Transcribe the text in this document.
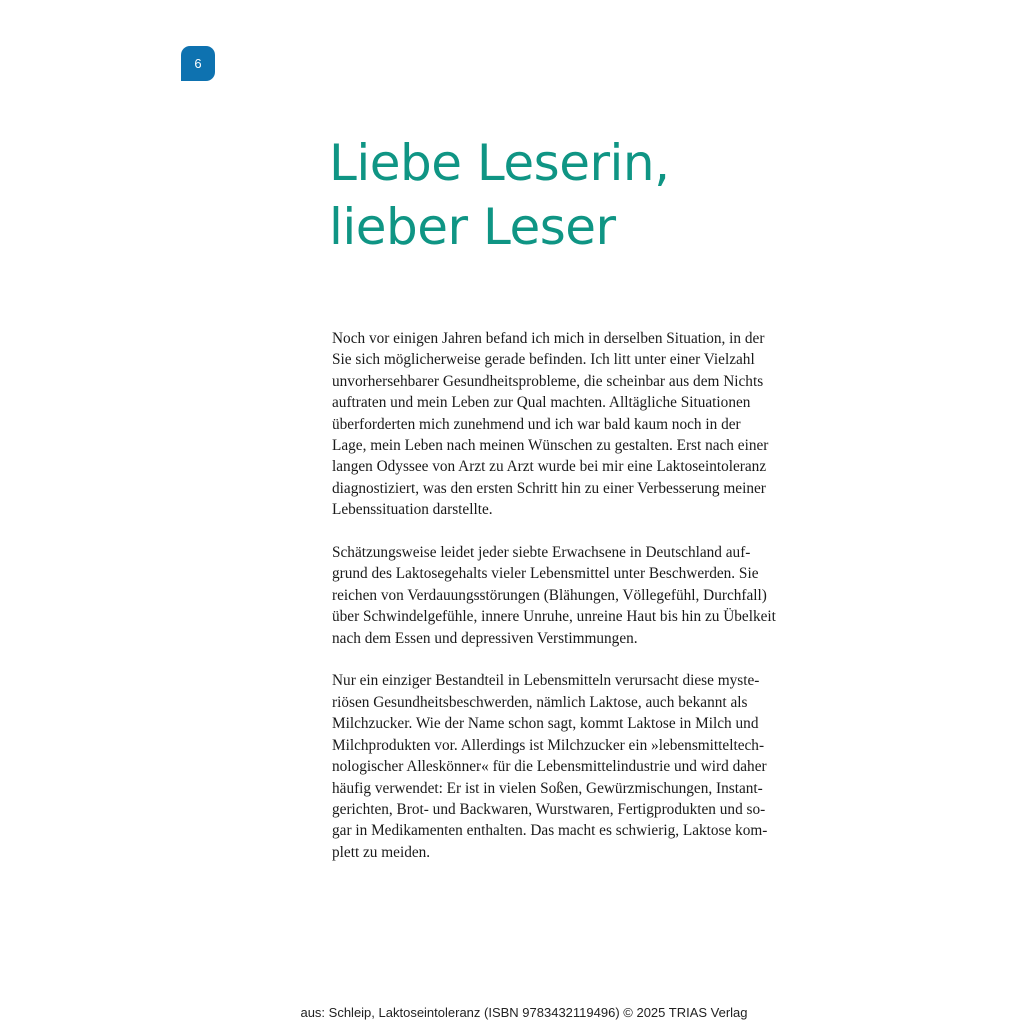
6
Liebe Leserin,
lieber Leser

Noch vor einigen Jahren befand ich mich in derselben Situation, in der
Sie sich möglicherweise gerade befinden. Ich litt unter einer Vielzahl
unvorhersehbarer Gesundheitsprobleme, die scheinbar aus dem Nichts
auftraten und mein Leben zur Qual machten. Alltägliche Situationen
überforderten mich zunehmend und ich war bald kaum noch in der
Lage, mein Leben nach meinen Wünschen zu gestalten. Erst nach einer
langen Odyssee von Arzt zu Arzt wurde bei mir eine Laktoseintoleranz
diagnostiziert, was den ersten Schritt hin zu einer Verbesserung meiner
Lebenssituation darstellte.

Schätzungsweise leidet jeder siebte Erwachsene in Deutschland auf-
grund des Laktosegehalts vieler Lebensmittel unter Beschwerden. Sie
reichen von Verdauungsstörungen (Blähungen, Völlegefühl, Durchfall)
über Schwindelgefühle, innere Unruhe, unreine Haut bis hin zu Übelkeit
nach dem Essen und depressiven Verstimmungen.

Nur ein einziger Bestandteil in Lebensmitteln verursacht diese myste-
riösen Gesundheitsbeschwerden, nämlich Laktose, auch bekannt als
Milchzucker. Wie der Name schon sagt, kommt Laktose in Milch und
Milchprodukten vor. Allerdings ist Milchzucker ein »lebensmitteltech-
nologischer Alleskönner« für die Lebensmittelindustrie und wird daher
häufig verwendet: Er ist in vielen Soßen, Gewürzmischungen, Instant-
gerichten, Brot- und Backwaren, Wurstwaren, Fertigprodukten und so-
gar in Medikamenten enthalten. Das macht es schwierig, Laktose kom-
plett zu meiden.

aus: Schleip, Laktoseintoleranz (ISBN 9783432119496) © 2025 TRIAS Verlag
